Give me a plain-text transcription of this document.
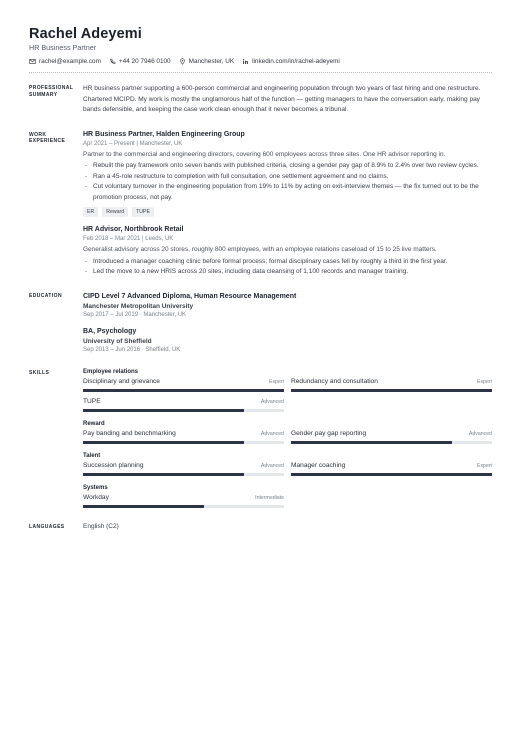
Rachel Adeyemi
HR Business Partner
rachel@example.com	+44 20 7946 0100	Manchester, UK	linkedin.com/in/rachel-adeyemi
PROFESSIONAL SUMMARY
HR business partner supporting a 600-person commercial and engineering population through two years of fast hiring and one restructure. Chartered MCIPD. My work is mostly the unglamorous half of the function — getting managers to have the conversation early, making pay bands defensible, and keeping the case work clean enough that it never becomes a tribunal.
WORK EXPERIENCE
HR Business Partner, Halden Engineering Group
Apr 2021 – Present | Manchester, UK
Partner to the commercial and engineering directors, covering 600 employees across three sites. One HR advisor reporting in.
- Rebuilt the pay framework onto seven bands with published criteria, closing a gender pay gap of 8.9% to 2.4% over two review cycles.
- Ran a 45-role restructure to completion with full consultation, one settlement agreement and no claims.
- Cut voluntary turnover in the engineering population from 19% to 11% by acting on exit-interview themes — the fix turned out to be the promotion process, not pay.
ER	Reward	TUPE
HR Advisor, Northbrook Retail
Feb 2018 – Mar 2021 | Leeds, UK
Generalist advisory across 20 stores, roughly 800 employees, with an employee relations caseload of 15 to 25 live matters.
- Introduced a manager coaching clinic before formal process; formal disciplinary cases fell by roughly a third in the first year.
- Led the move to a new HRIS across 20 sites, including data cleansing of 1,100 records and manager training.
EDUCATION	CIPD Level 7 Advanced Diploma, Human Resource Management
Manchester Metropolitan University
Sep 2017 – Jul 2019 · Manchester, UK
BA, Psychology
University of Sheffield
Sep 2013 – Jun 2016 · Sheffield, UK
SKILLS	Employee relations
Disciplinary and grievance	Expert Redundancy and consultation	Expert
TUPE	Advanced
Reward
Pay banding and benchmarking	Advanced Gender pay gap reporting	Advanced
Talent
Succession planning	Advanced Manager coaching	Expert
Systems
Workday	Intermediate
LANGUAGES	English (C2)
